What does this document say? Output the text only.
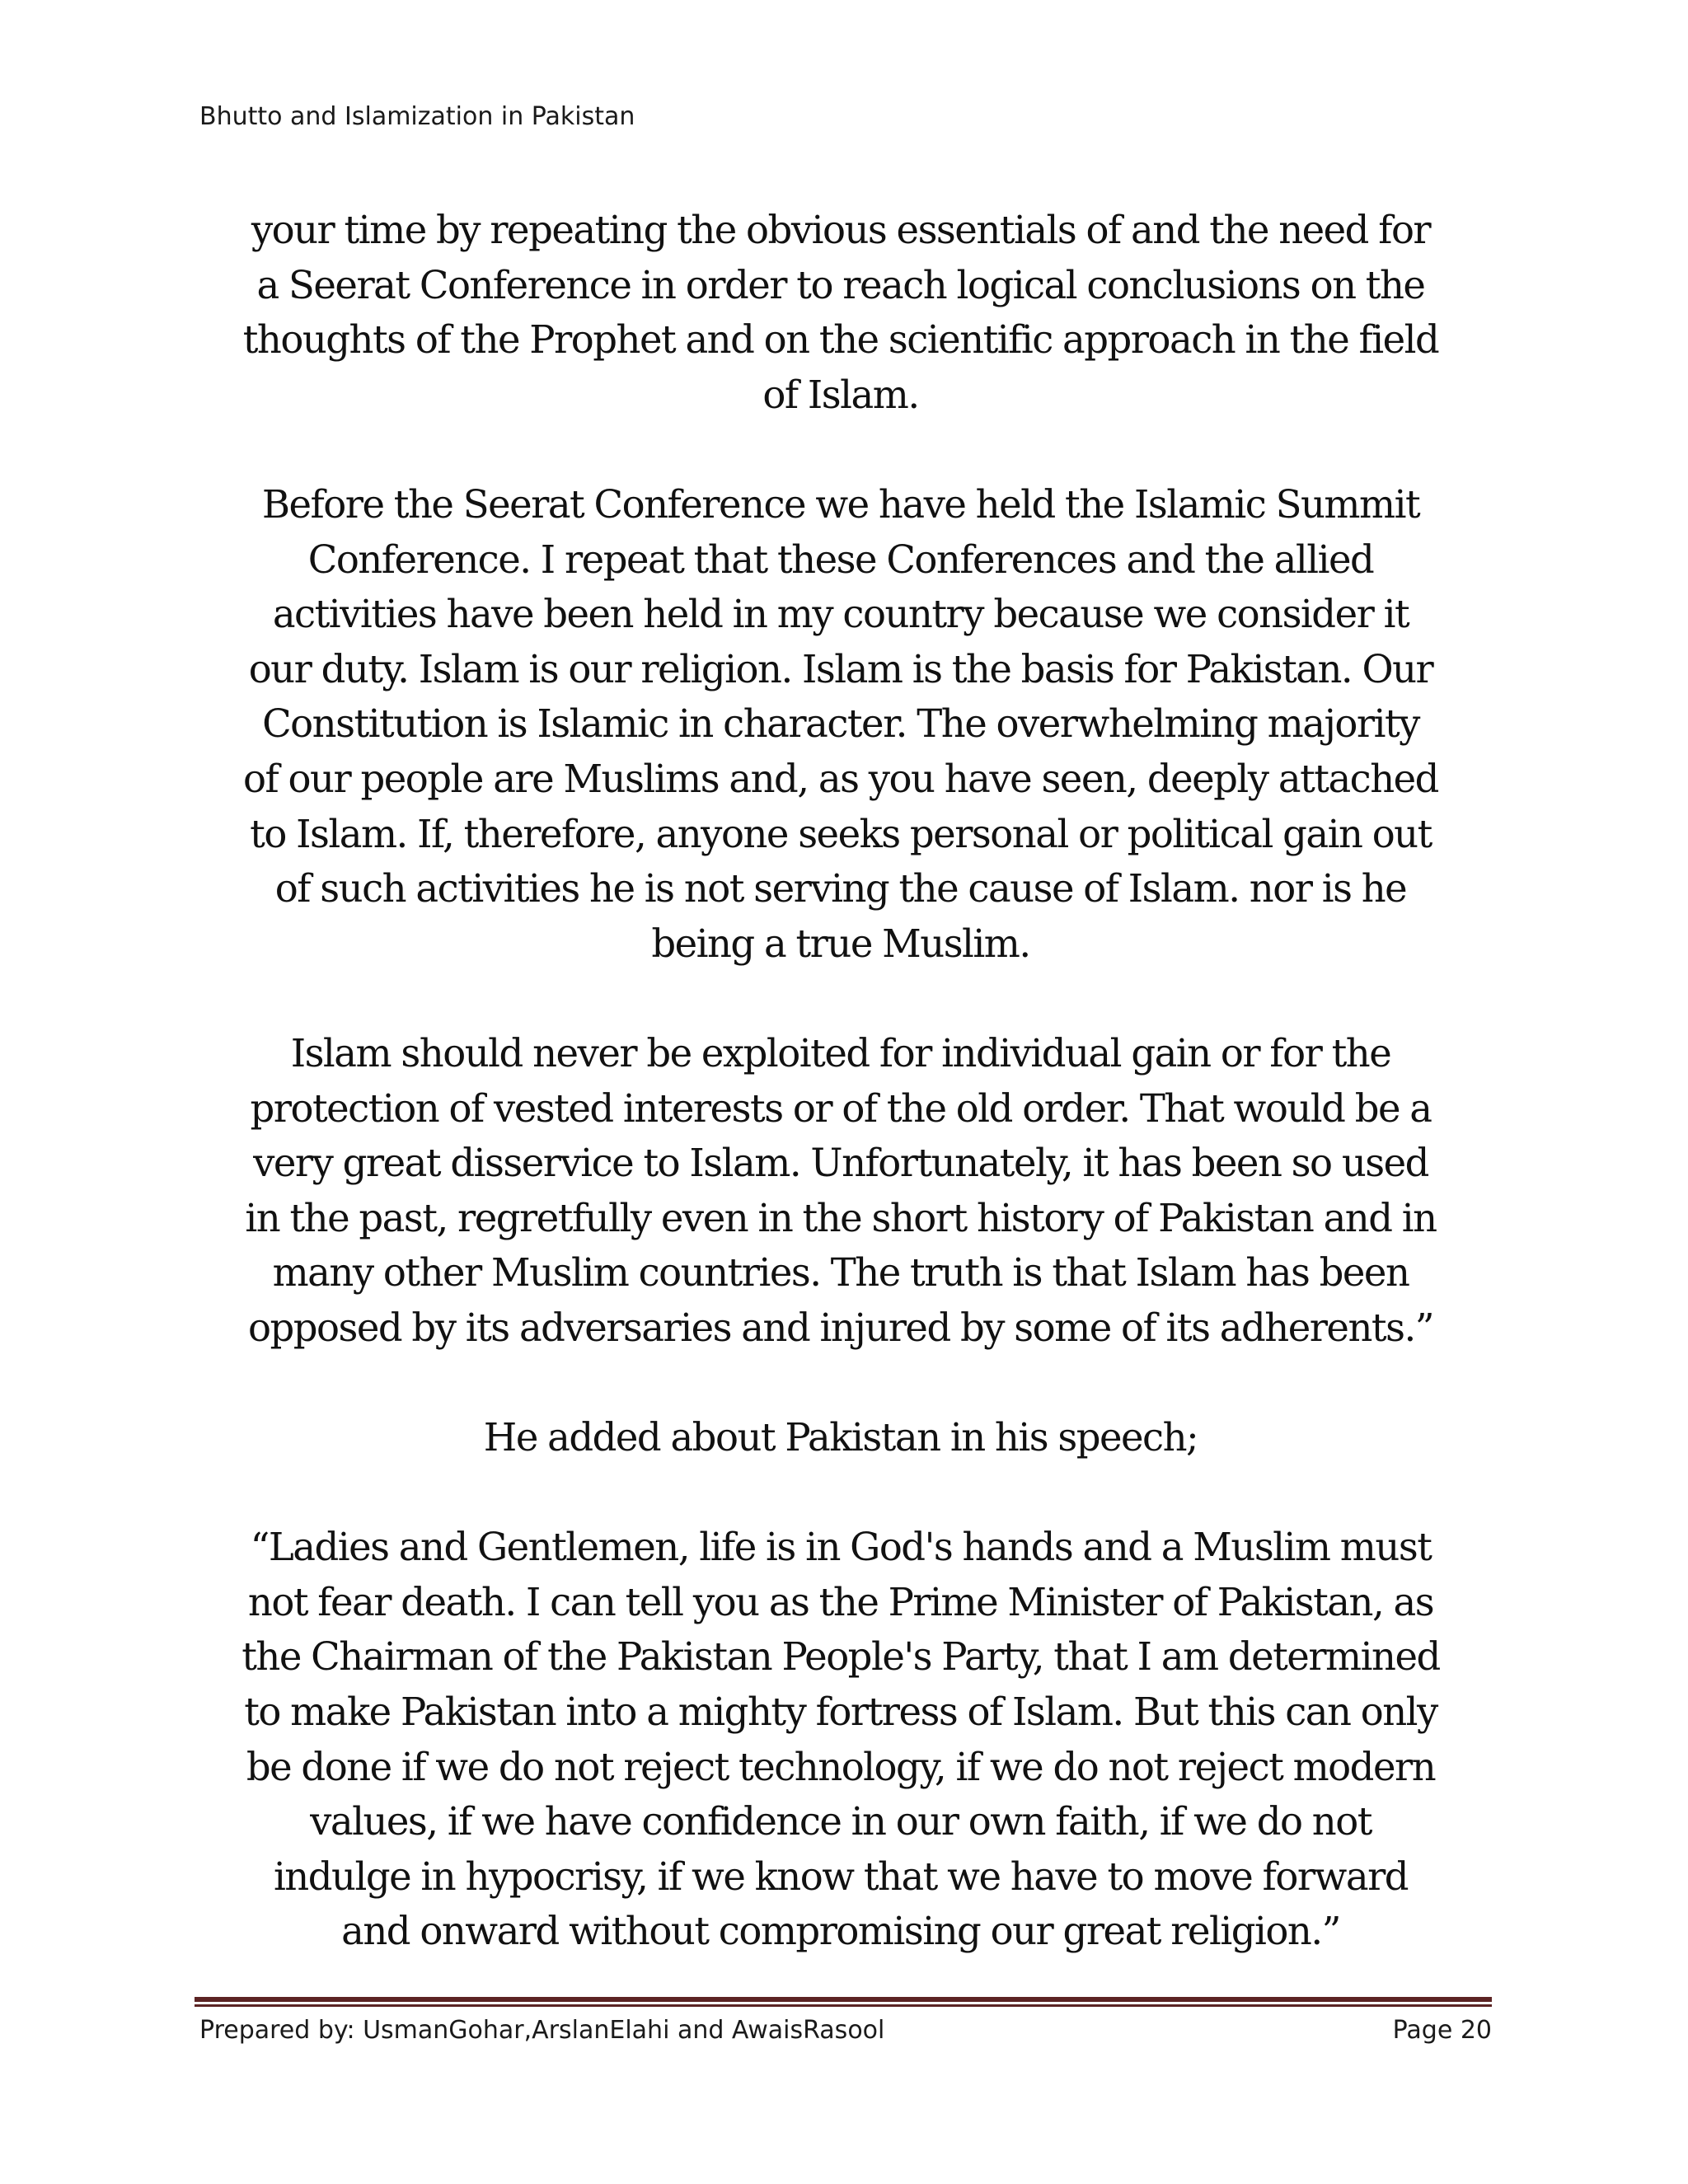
Bhutto and Islamization in Pakistan

your time by repeating the obvious essentials of and the need for
a Seerat Conference in order to reach logical conclusions on the
thoughts of the Prophet and on the scientific approach in the field
of Islam.

Before the Seerat Conference we have held the Islamic Summit
Conference. I repeat that these Conferences and the allied
activities have been held in my country because we consider it
our duty. Islam is our religion. Islam is the basis for Pakistan. Our
Constitution is Islamic in character. The overwhelming majority
of our people are Muslims and, as you have seen, deeply attached
to Islam. If, therefore, anyone seeks personal or political gain out
of such activities he is not serving the cause of Islam. nor is he
being a true Muslim.

Islam should never be exploited for individual gain or for the
protection of vested interests or of the old order. That would be a
very great disservice to Islam. Unfortunately, it has been so used
in the past, regretfully even in the short history of Pakistan and in
many other Muslim countries. The truth is that Islam has been
opposed by its adversaries and injured by some of its adherents.”

He added about Pakistan in his speech;

“Ladies and Gentlemen, life is in God's hands and a Muslim must
not fear death. I can tell you as the Prime Minister of Pakistan, as
the Chairman of the Pakistan People's Party, that I am determined
to make Pakistan into a mighty fortress of Islam. But this can only
be done if we do not reject technology, if we do not reject modern
values, if we have confidence in our own faith, if we do not
indulge in hypocrisy, if we know that we have to move forward
and onward without compromising our great religion.”

Prepared by: UsmanGohar,ArslanElahi and AwaisRasool	Page 20
